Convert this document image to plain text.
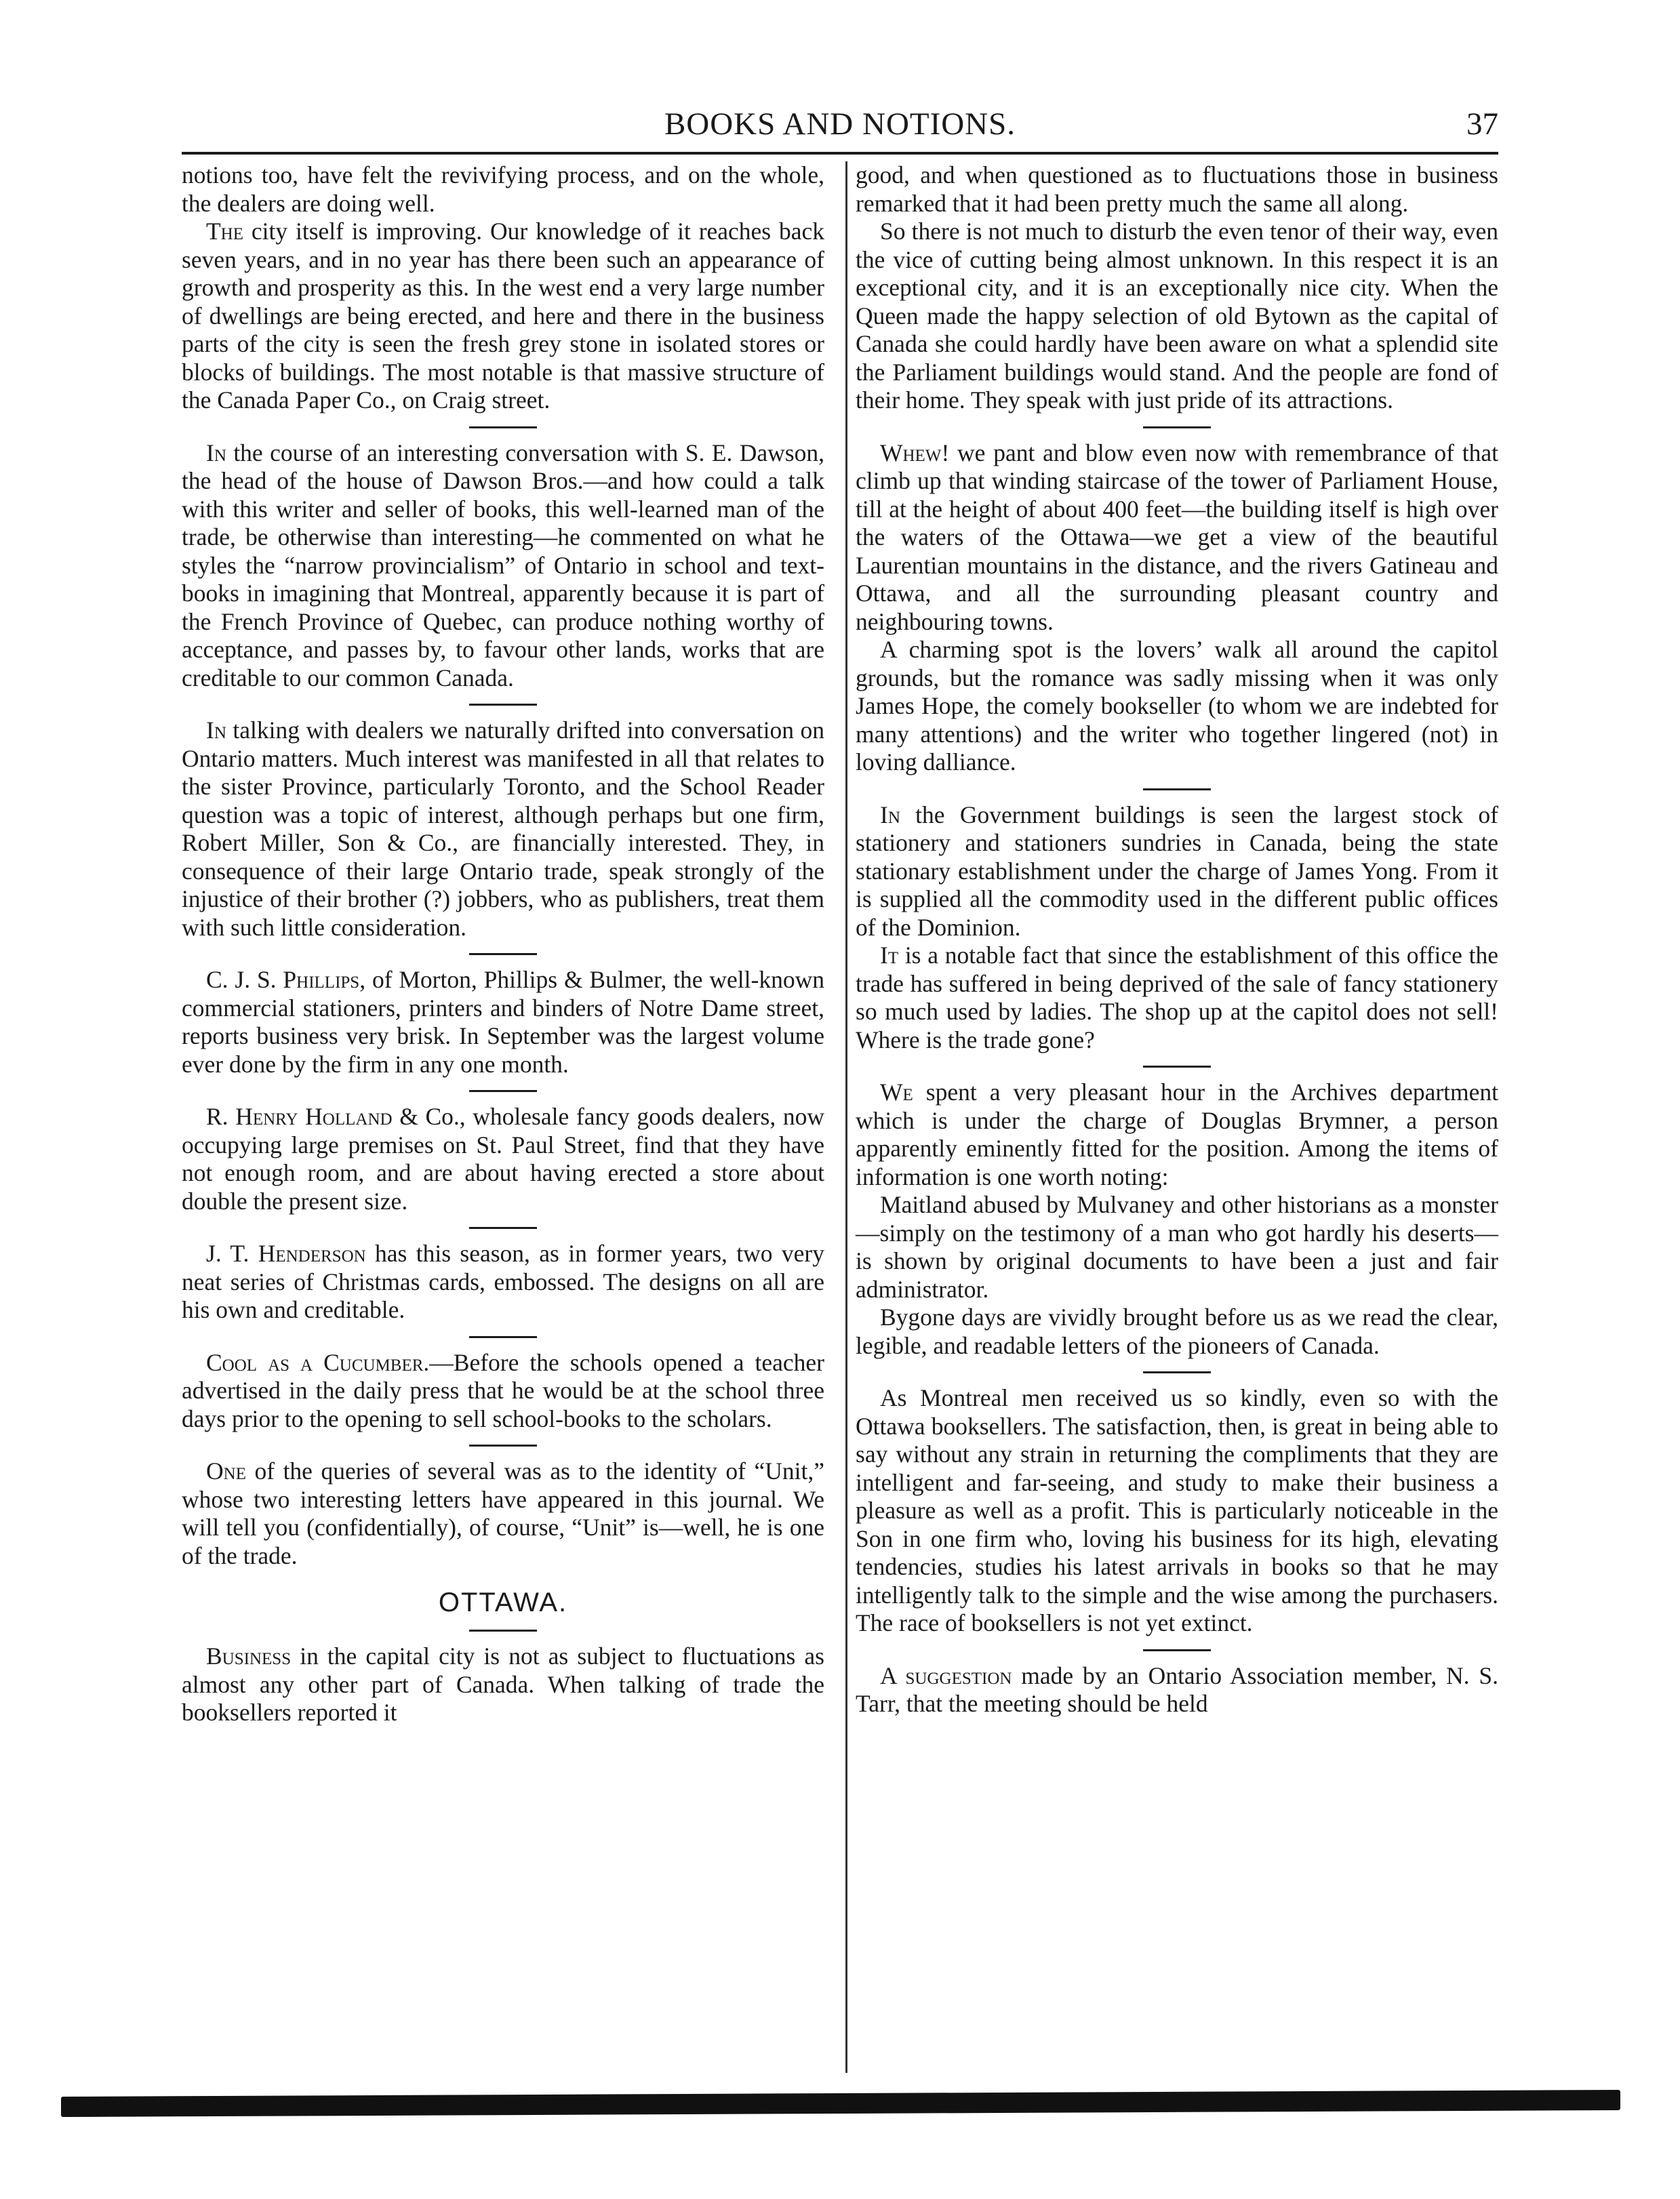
BOOKS AND NOTIONS.	37

notions too, have felt the revivifying process, and on the whole, the dealers are doing well.

The city itself is improving. Our knowledge of it reaches back seven years, and in no year has there been such an appearance of growth and prosperity as this. In the west end a very large number of dwellings are being erected, and here and there in the business parts of the city is seen the fresh grey stone in isolated stores or blocks of buildings. The most notable is that massive structure of the Canada Paper Co., on Craig street.

In the course of an interesting conversation with S. E. Dawson, the head of the house of Dawson Bros.—and how could a talk with this writer and seller of books, this well-learned man of the trade, be otherwise than interesting—he commented on what he styles the “narrow provincialism” of Ontario in school and text-books in imagining that Montreal, apparently because it is part of the French Province of Quebec, can produce nothing worthy of acceptance, and passes by, to favour other lands, works that are creditable to our common Canada.

In talking with dealers we naturally drifted into conversation on Ontario matters. Much interest was manifested in all that relates to the sister Province, particularly Toronto, and the School Reader question was a topic of interest, although perhaps but one firm, Robert Miller, Son & Co., are financially interested. They, in consequence of their large Ontario trade, speak strongly of the injustice of their brother (?) jobbers, who as publishers, treat them with such little consideration.

C. J. S. Phillips, of Morton, Phillips & Bulmer, the well-known commercial stationers, printers and binders of Notre Dame street, reports business very brisk. In September was the largest volume ever done by the firm in any one month.

R. Henry Holland & Co., wholesale fancy goods dealers, now occupying large premises on St. Paul Street, find that they have not enough room, and are about having erected a store about double the present size.

J. T. Henderson has this season, as in former years, two very neat series of Christmas cards, embossed. The designs on all are his own and creditable.

Cool as a Cucumber.—Before the schools opened a teacher advertised in the daily press that he would be at the school three days prior to the opening to sell school-books to the scholars.

One of the queries of several was as to the identity of “Unit,” whose two interesting letters have appeared in this journal. We will tell you (confidentially), of course, “Unit” is—well, he is one of the trade.

OTTAWA.

Business in the capital city is not as subject to fluctuations as almost any other part of Canada. When talking of trade the booksellers reported it

good, and when questioned as to fluctuations those in business remarked that it had been pretty much the same all along.

So there is not much to disturb the even tenor of their way, even the vice of cutting being almost unknown. In this respect it is an exceptional city, and it is an exceptionally nice city. When the Queen made the happy selection of old Bytown as the capital of Canada she could hardly have been aware on what a splendid site the Parliament buildings would stand. And the people are fond of their home. They speak with just pride of its attractions.

Whew! we pant and blow even now with remembrance of that climb up that winding staircase of the tower of Parliament House, till at the height of about 400 feet—the building itself is high over the waters of the Ottawa—we get a view of the beautiful Laurentian mountains in the distance, and the rivers Gatineau and Ottawa, and all the surrounding pleasant country and neighbouring towns.

A charming spot is the lovers’ walk all around the capitol grounds, but the romance was sadly missing when it was only James Hope, the comely bookseller (to whom we are indebted for many attentions) and the writer who together lingered (not) in loving dalliance.

In the Government buildings is seen the largest stock of stationery and stationers sundries in Canada, being the state stationary establishment under the charge of James Yong. From it is supplied all the commodity used in the different public offices of the Dominion.

It is a notable fact that since the establishment of this office the trade has suffered in being deprived of the sale of fancy stationery so much used by ladies. The shop up at the capitol does not sell! Where is the trade gone?

We spent a very pleasant hour in the Archives department which is under the charge of Douglas Brymner, a person apparently eminently fitted for the position. Among the items of information is one worth noting:

Maitland abused by Mulvaney and other historians as a monster—simply on the testimony of a man who got hardly his deserts—is shown by original documents to have been a just and fair administrator.

Bygone days are vividly brought before us as we read the clear, legible, and readable letters of the pioneers of Canada.

As Montreal men received us so kindly, even so with the Ottawa booksellers. The satisfaction, then, is great in being able to say without any strain in returning the compliments that they are intelligent and far-seeing, and study to make their business a pleasure as well as a profit. This is particularly noticeable in the Son in one firm who, loving his business for its high, elevating tendencies, studies his latest arrivals in books so that he may intelligently talk to the simple and the wise among the purchasers. The race of booksellers is not yet extinct.

A suggestion made by an Ontario Association member, N. S. Tarr, that the meeting should be held
